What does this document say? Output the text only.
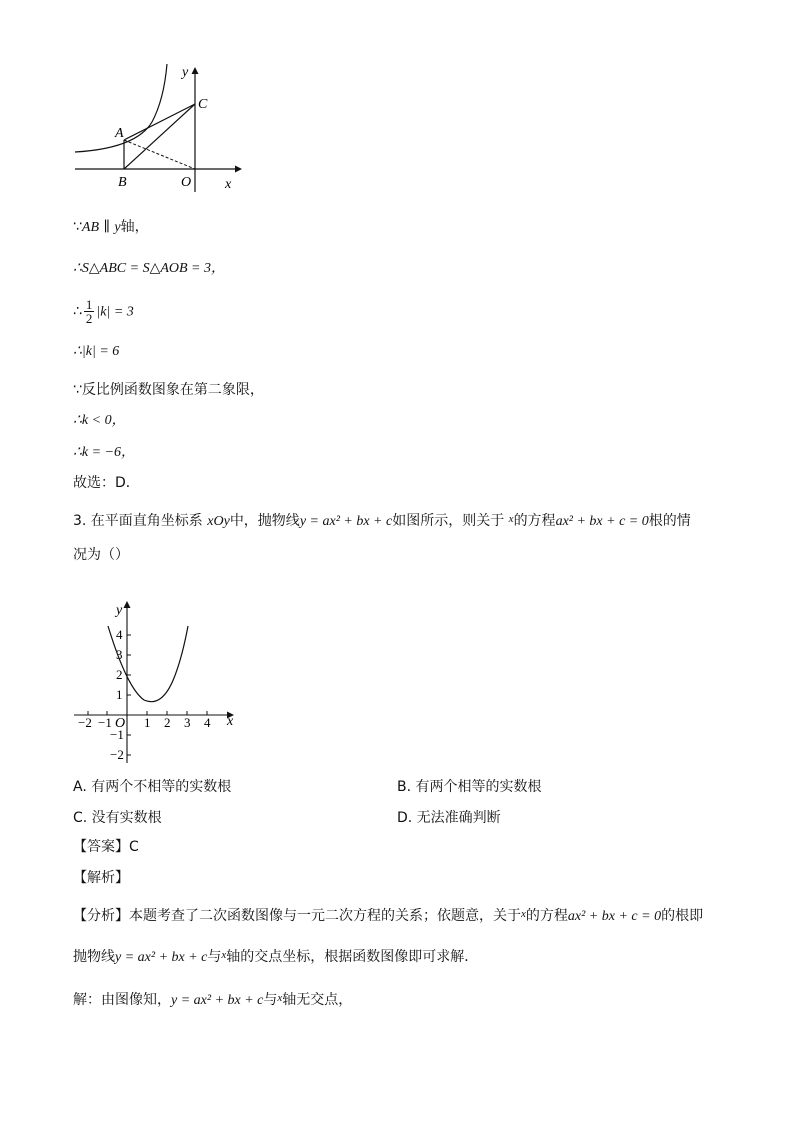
y
C
A
B	O x
∵AB ∥ y轴，
∴S△ABC = S△AOB = 3，
∴ $\frac{1}{2} |k| = 3$
∴|k| = 6
∵反比例函数图象在第二象限，
∴k < 0，
∴k = −6，
故选：D．
3. 在平面直角坐标系 xOy中，抛物线y = ax² + bx + c如图所示，则关于 $^x$的方程ax² + bx + c = 0根的情
况为（）
y
x
O
−2 −1 1 2 3 4
4
3
2
1
−1
−2
A. 有两个不相等的实数根	B. 有两个相等的实数根
C. 没有实数根	D. 无法准确判断
【答案】C
【解析】
【分析】本题考查了二次函数图像与一元二次方程的关系；依题意，关于$^x$的方程ax² + bx + c = 0的根即
抛物线y = ax² + bx + c与$^x$轴的交点坐标，根据函数图像即可求解．
解：由图像知，y = ax² + bx + c与$^x$轴无交点，
